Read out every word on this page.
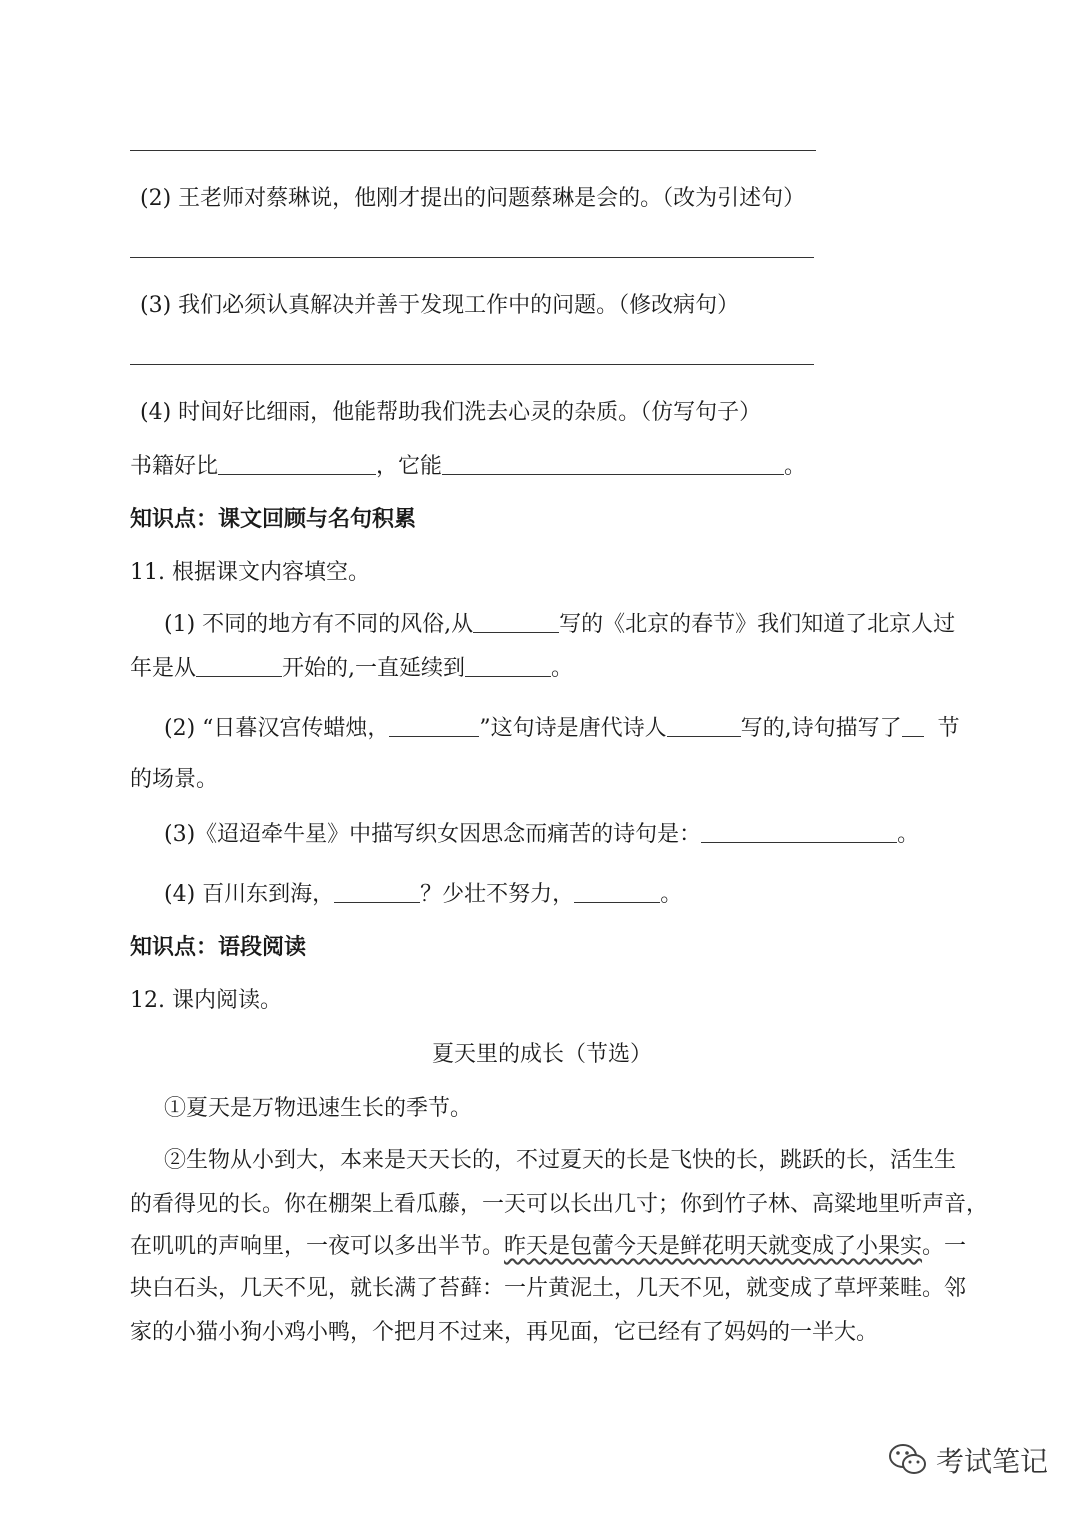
(2) 王老师对蔡琳说，他刚才提出的问题蔡琳是会的。（改为引述句）
(3) 我们必须认真解决并善于发现工作中的问题。（修改病句）
(4) 时间好比细雨，他能帮助我们洗去心灵的杂质。（仿写句子）
书籍好比	，它能	。
知识点：课文回顾与名句积累
11. 根据课文内容填空。
(1) 不同的地方有不同的风俗,从	写的《北京的春节》我们知道了北京人过
年是从	开始的,一直延续到	。
(2) “日暮汉宫传蜡烛，	”这句诗是唐代诗人	写的,诗句描写了 节
的场景。
(3)《迢迢牵牛星》中描写织女因思念而痛苦的诗句是：	。
(4) 百川东到海，	？少壮不努力，	。
知识点：语段阅读
12. 课内阅读。
夏天里的成长（节选）
①夏天是万物迅速生长的季节。
②生物从小到大，本来是天天长的，不过夏天的长是飞快的长，跳跃的长，活生生
的看得见的长。你在棚架上看瓜藤，一天可以长出几寸；你到竹子林、高粱地里听声音，
在叽叽的声响里，一夜可以多出半节。昨天是包蕾今天是鲜花明天就变成了小果实。一
块白石头，几天不见，就长满了苔藓：一片黄泥土，几天不见，就变成了草坪莱畦。邻
家的小猫小狗小鸡小鸭，个把月不过来，再见面，它已经有了妈妈的一半大。
考试笔记
